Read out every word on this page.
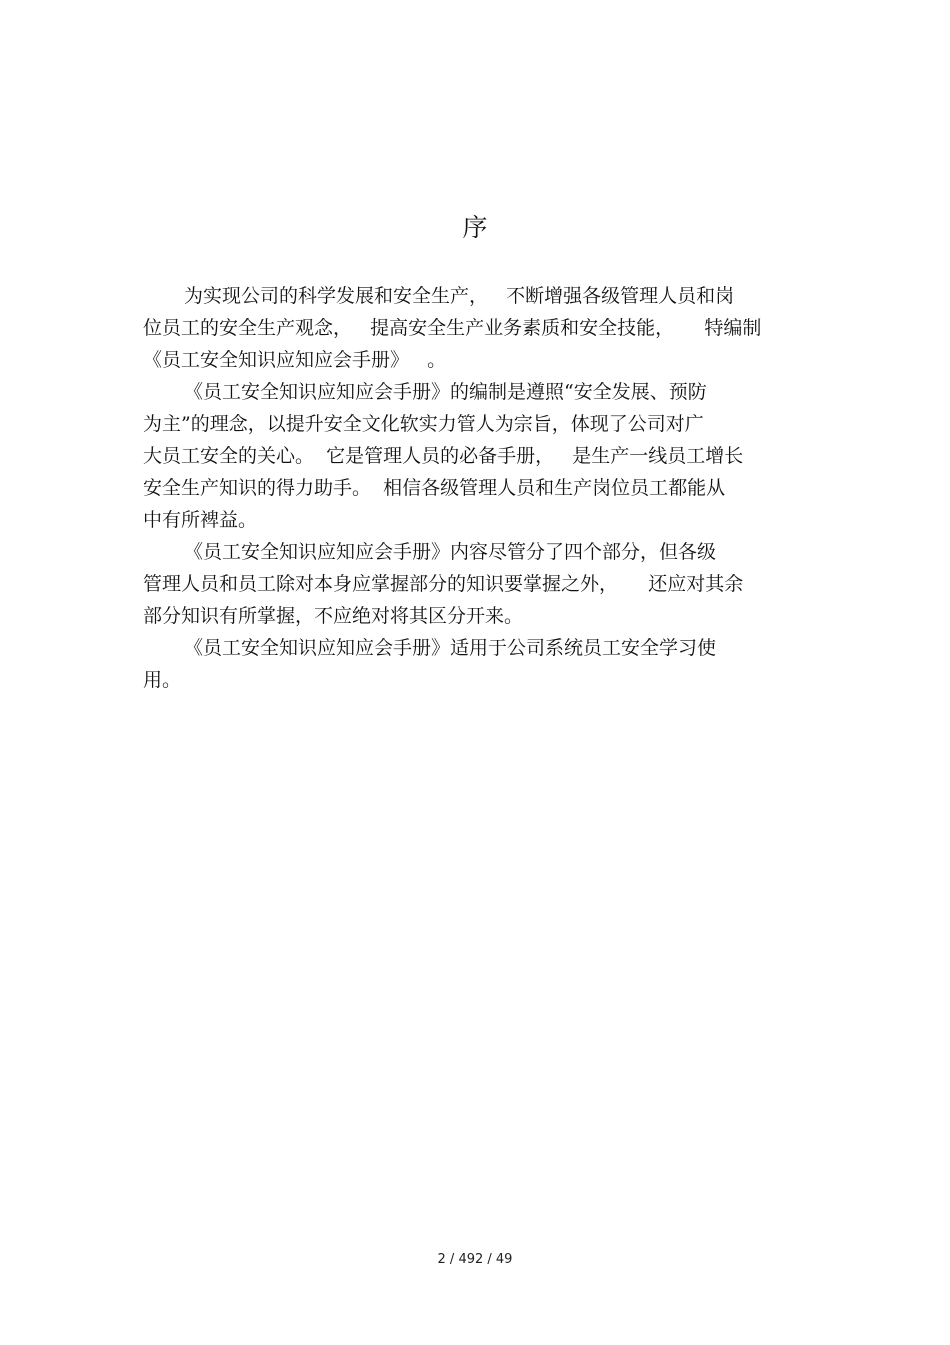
序
为实现公司的科学发展和安全生产，   不断增强各级管理人员和岗
位员工的安全生产观念，   提高安全生产业务素质和安全技能，     特编制
《员工安全知识应知应会手册》   。
《员工安全知识应知应会手册》的编制是遵照“安全发展、预防
为主”的理念，以提升安全文化软实力管人为宗旨，体现了公司对广
大员工安全的关心。  它是管理人员的必备手册，   是生产一线员工增长
安全生产知识的得力助手。  相信各级管理人员和生产岗位员工都能从
中有所裨益。
《员工安全知识应知应会手册》内容尽管分了四个部分，但各级
管理人员和员工除对本身应掌握部分的知识要掌握之外，     还应对其余
部分知识有所掌握，不应绝对将其区分开来。
《员工安全知识应知应会手册》适用于公司系统员工安全学习使
用。
2 / 492 / 49
